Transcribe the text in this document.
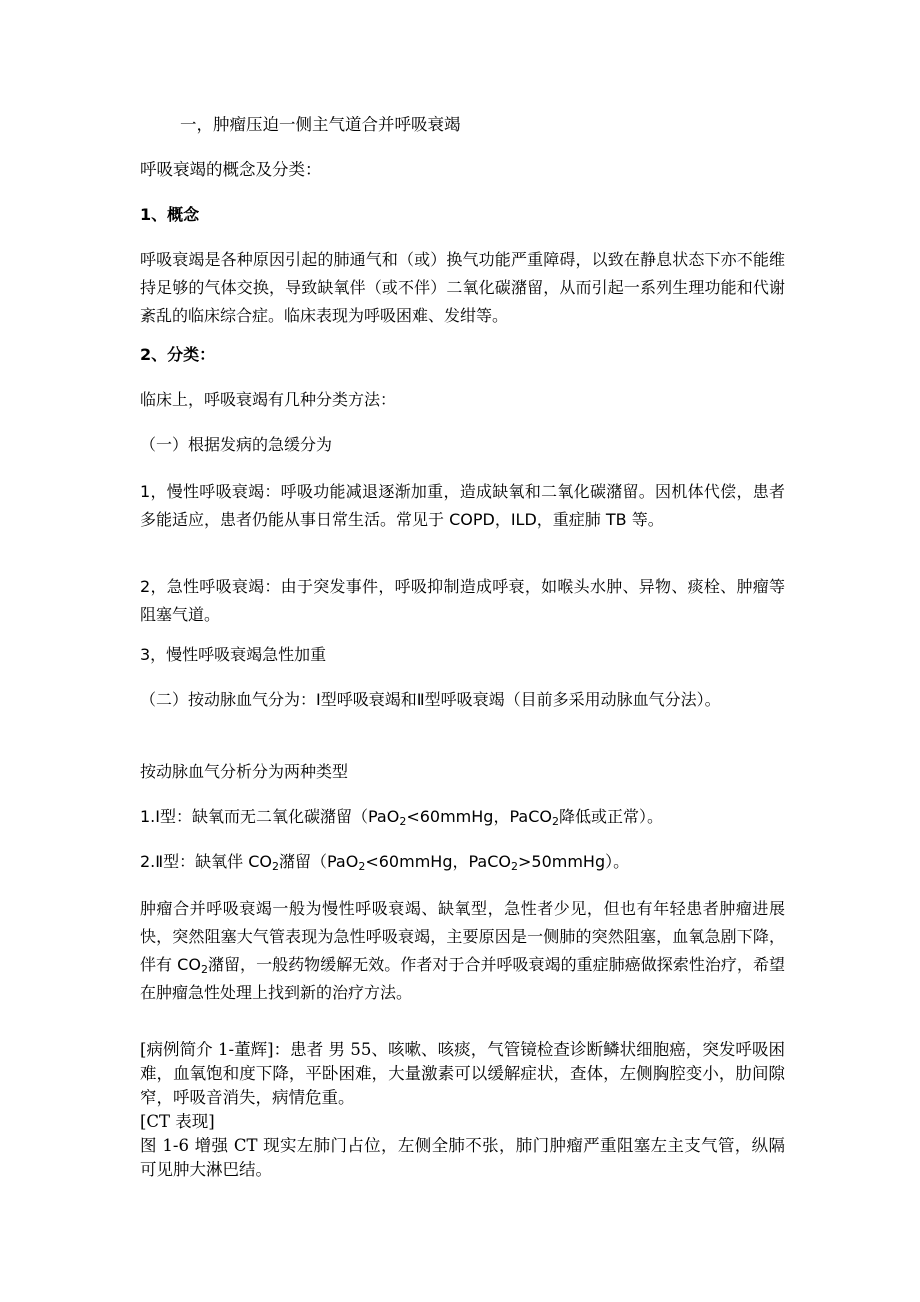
一，肿瘤压迫一侧主气道合并呼吸衰竭

呼吸衰竭的概念及分类：

1、概念

呼吸衰竭是各种原因引起的肺通气和（或）换气功能严重障碍，以致在静息状态下亦不能维持足够的气体交换，导致缺氧伴（或不伴）二氧化碳潴留，从而引起一系列生理功能和代谢紊乱的临床综合症。临床表现为呼吸困难、发绀等。

2、分类：

临床上，呼吸衰竭有几种分类方法：

（一）根据发病的急缓分为

1，慢性呼吸衰竭：呼吸功能减退逐渐加重，造成缺氧和二氧化碳潴留。因机体代偿，患者多能适应，患者仍能从事日常生活。常见于 COPD，ILD，重症肺 TB 等。

2，急性呼吸衰竭：由于突发事件，呼吸抑制造成呼衰，如喉头水肿、异物、痰栓、肿瘤等阻塞气道。

3，慢性呼吸衰竭急性加重

（二）按动脉血气分为：Ⅰ型呼吸衰竭和Ⅱ型呼吸衰竭（目前多采用动脉血气分法）。

按动脉血气分析分为两种类型

1.Ⅰ型：缺氧而无二氧化碳潴留（PaO$_2$<60mmHg，PaCO$_2$降低或正常）。

2.Ⅱ型：缺氧伴 $CO_2$潴留（PaO$_2$<60mmHg，PaCO$_2$>50mmHg）。

肿瘤合并呼吸衰竭一般为慢性呼吸衰竭、缺氧型，急性者少见，但也有年轻患者肿瘤进展快，突然阻塞大气管表现为急性呼吸衰竭，主要原因是一侧肺的突然阻塞，血氧急剧下降，伴有 $CO_2$潴留，一般药物缓解无效。作者对于合并呼吸衰竭的重症肺癌做探索性治疗，希望在肿瘤急性处理上找到新的治疗方法。

[病例简介 1-董辉]：患者 男 55、咳嗽、咳痰，气管镜检查诊断鳞状细胞癌，突发呼吸困难，血氧饱和度下降，平卧困难，大量激素可以缓解症状，查体，左侧胸腔变小，肋间隙窄，呼吸音消失，病情危重。

[CT 表现]

图 1-6 增强 CT 现实左肺门占位，左侧全肺不张，肺门肿瘤严重阻塞左主支气管，纵隔可见肿大淋巴结。
